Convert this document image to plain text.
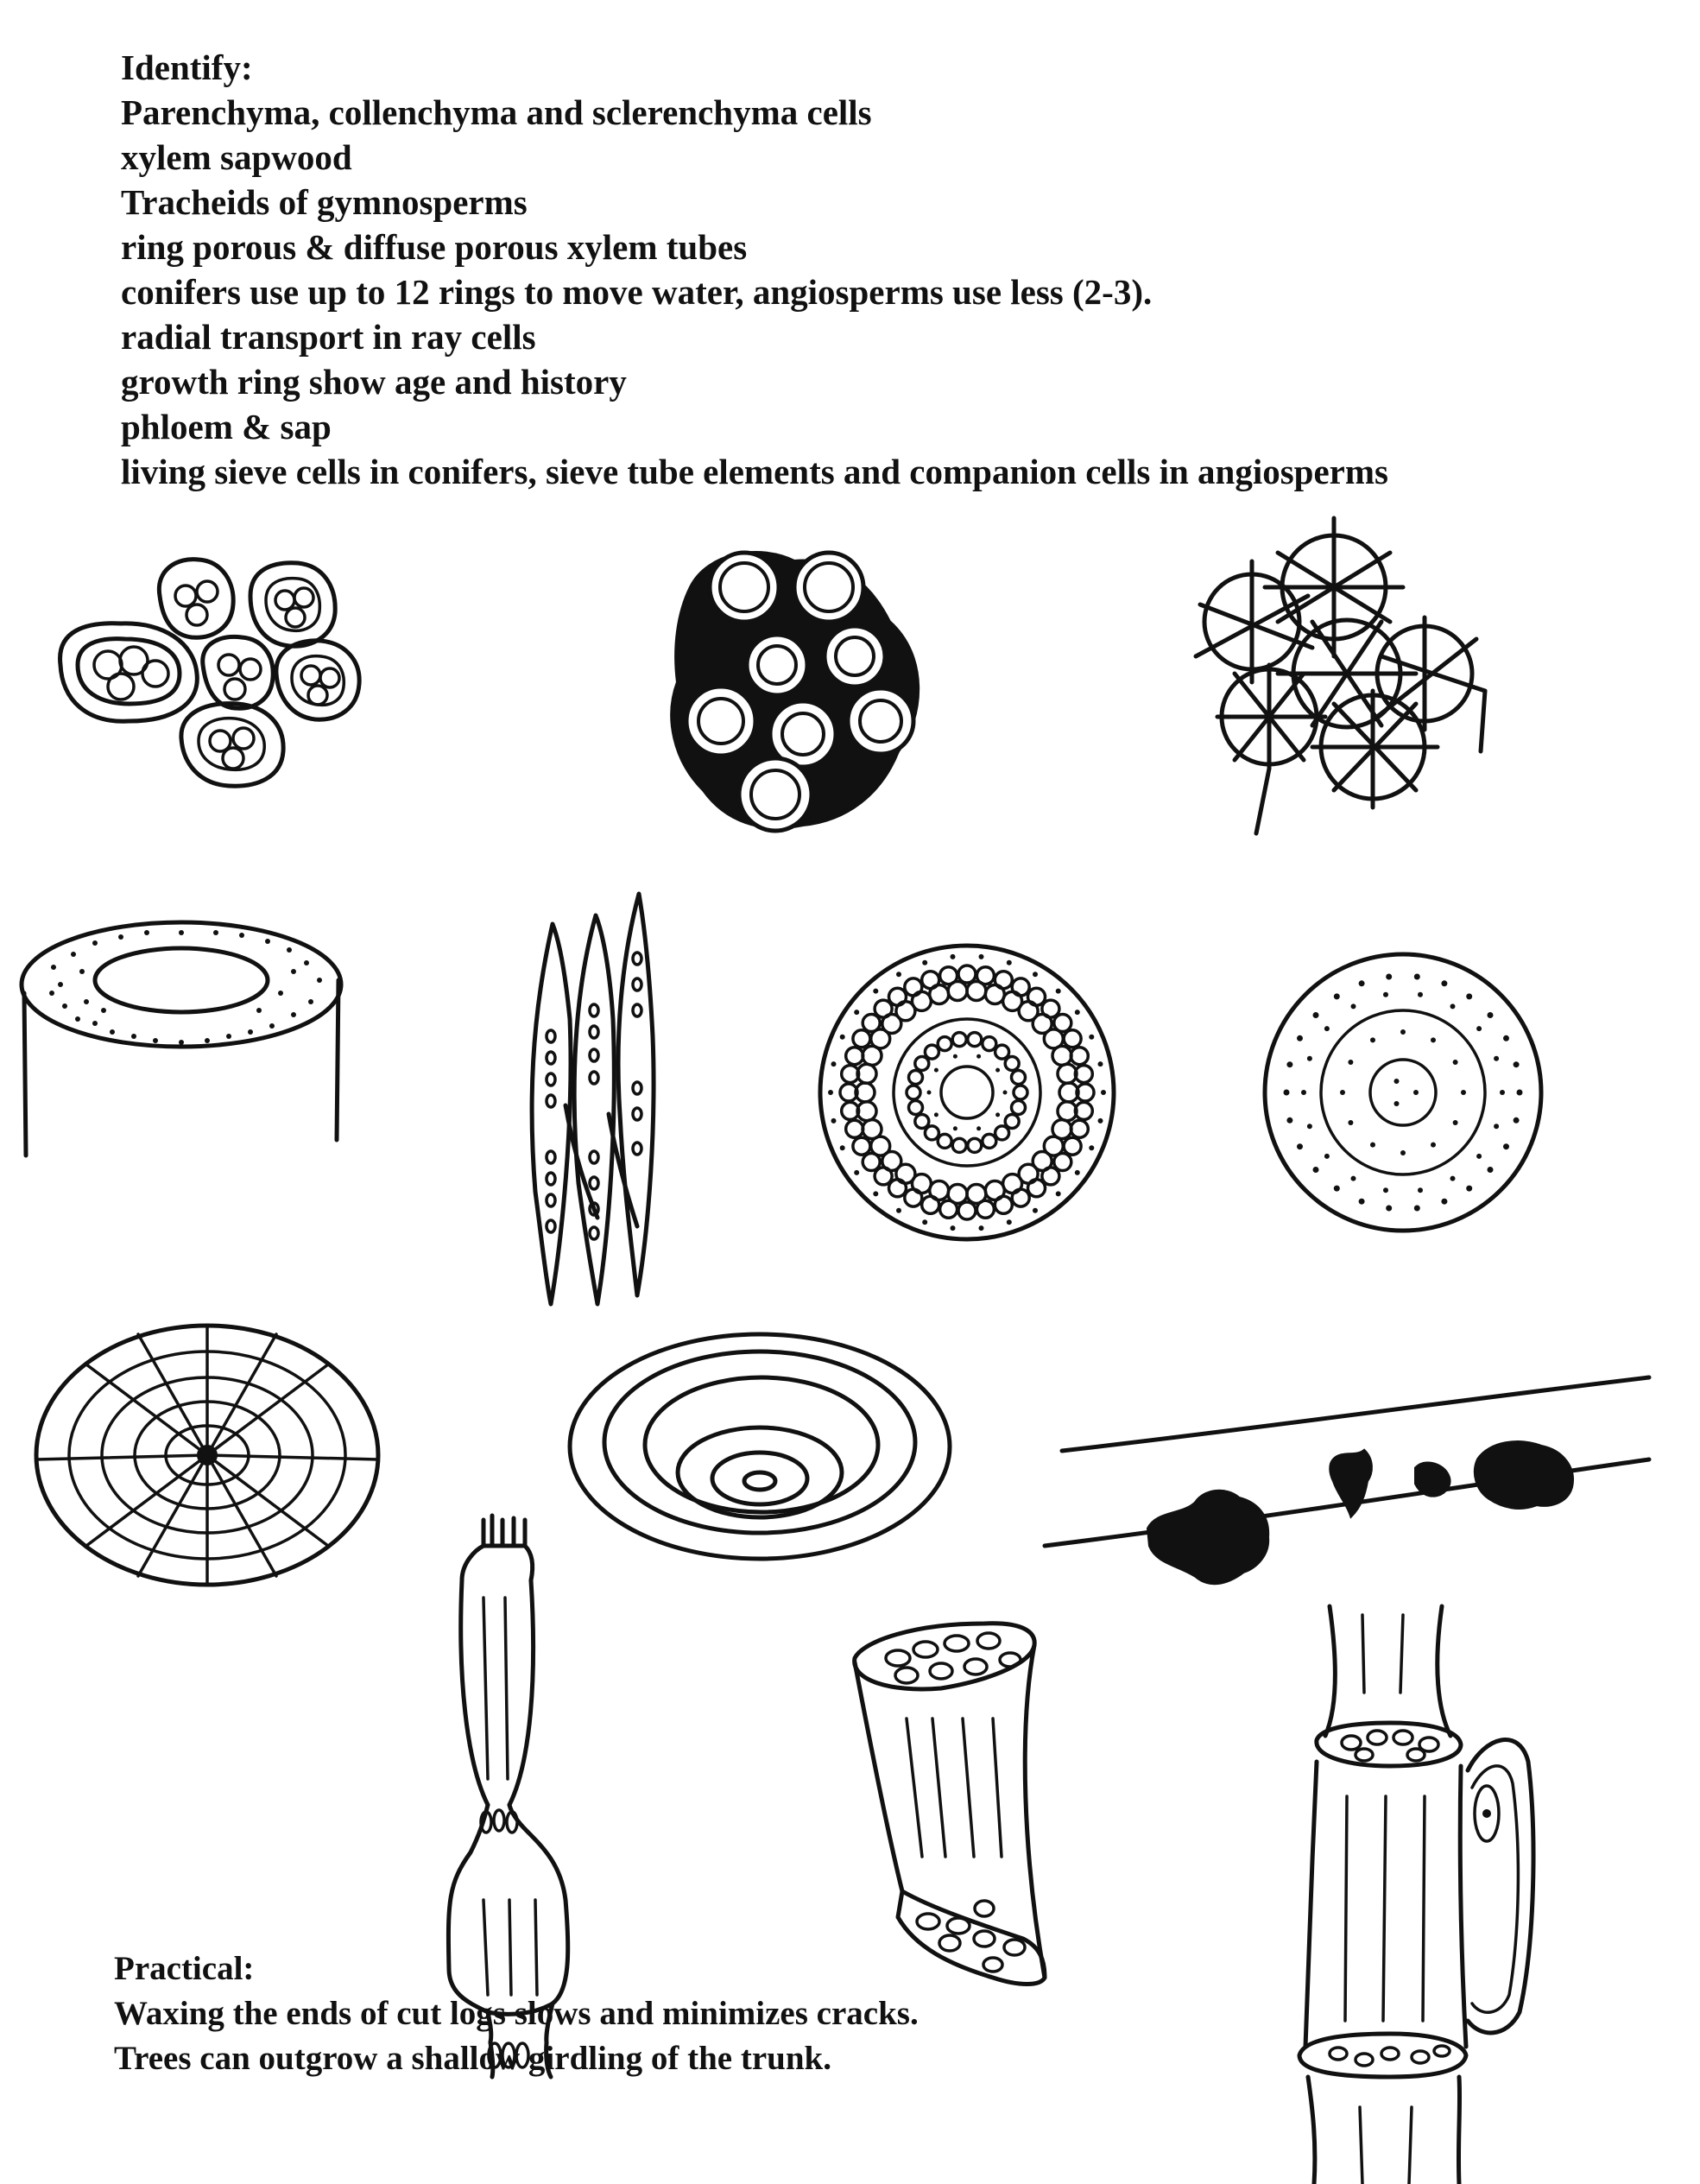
Identify:
Parenchyma, collenchyma and sclerenchyma cells
xylem sapwood
Tracheids of gymnosperms
ring porous & diffuse porous xylem tubes
conifers use up to 12 rings to move water, angiosperms use less (2-3).
radial transport in ray cells
growth ring show age and history
phloem & sap
living sieve cells in conifers, sieve tube elements and companion cells in angiosperms
Practical:
Waxing the ends of cut logs slows and minimizes cracks.
Trees can outgrow a shallow girdling of the trunk.
